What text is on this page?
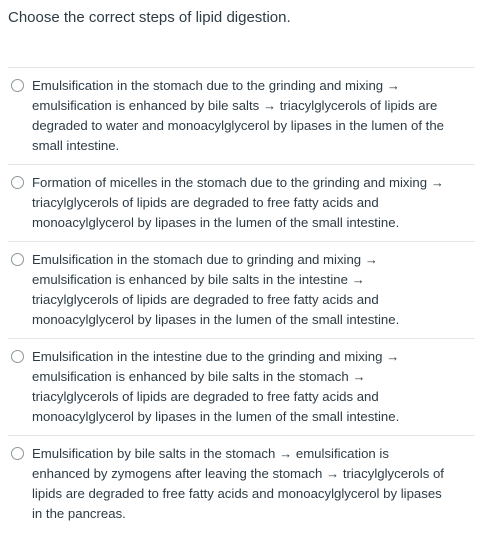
Choose the correct steps of lipid digestion.
Emulsification in the stomach due to the grinding and mixing →
emulsification is enhanced by bile salts → triacylglycerols of lipids are
degraded to water and monoacylglycerol by lipases in the lumen of the
small intestine.
Formation of micelles in the stomach due to the grinding and mixing →
triacylglycerols of lipids are degraded to free fatty acids and
monoacylglycerol by lipases in the lumen of the small intestine.
Emulsification in the stomach due to grinding and mixing →
emulsification is enhanced by bile salts in the intestine →
triacylglycerols of lipids are degraded to free fatty acids and
monoacylglycerol by lipases in the lumen of the small intestine.
Emulsification in the intestine due to the grinding and mixing →
emulsification is enhanced by bile salts in the stomach →
triacylglycerols of lipids are degraded to free fatty acids and
monoacylglycerol by lipases in the lumen of the small intestine.
Emulsification by bile salts in the stomach → emulsification is
enhanced by zymogens after leaving the stomach → triacylglycerols of
lipids are degraded to free fatty acids and monoacylglycerol by lipases
in the pancreas.
